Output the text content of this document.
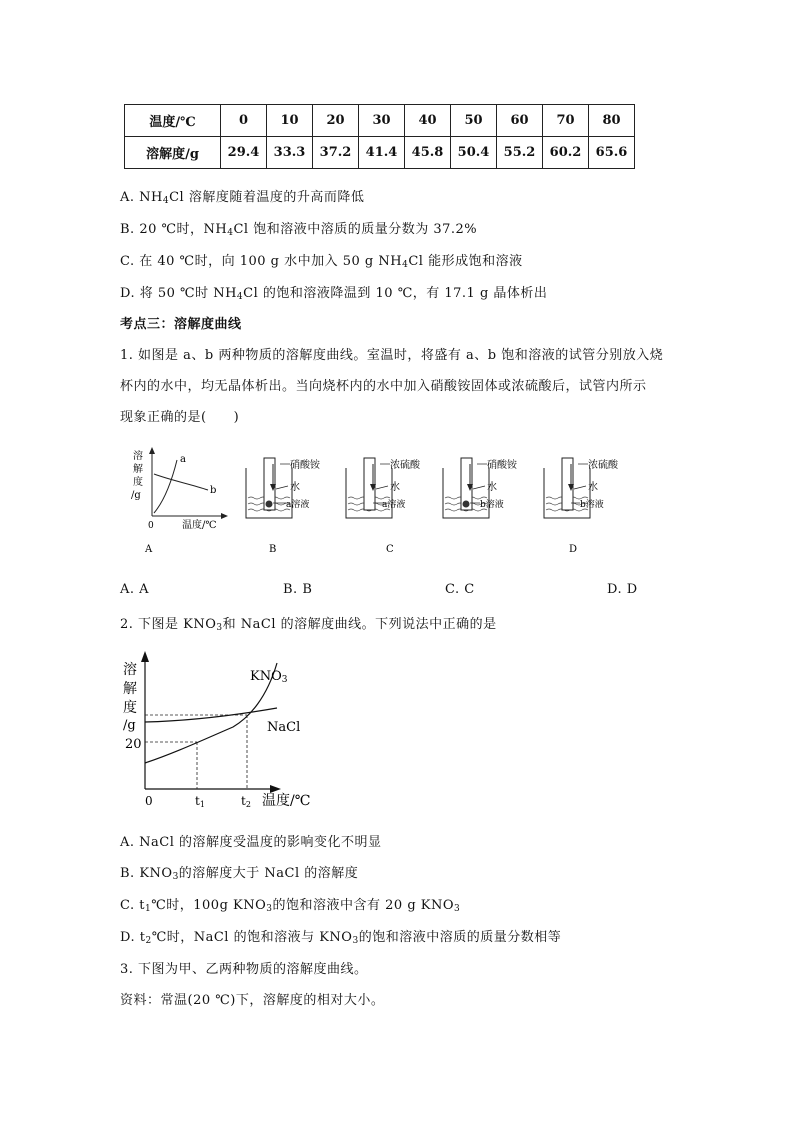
温度/℃	0	10	20	30	40	50	60	70	80
溶解度/g	29.4	33.3	37.2	41.4	45.8	50.4	55.2	60.2	65.6
A. $NH_4Cl$ 溶解度随着温度的升高而降低
B. 20 ℃时，$NH_4Cl$ 饱和溶液中溶质的质量分数为 37.2%
C. 在 40 ℃时，向 100 g 水中加入 50 g $NH_4Cl$ 能形成饱和溶液
D. 将 50 ℃时 $NH_4Cl$ 的饱和溶液降温到 10 ℃，有 17.1 g 晶体析出
考点三：溶解度曲线
1. 如图是 a、b 两种物质的溶解度曲线。室温时，将盛有 a、b 饱和溶液的试管分别放入烧
杯内的水中，均无晶体析出。当向烧杯内的水中加入硝酸铵固体或浓硫酸后，试管内所示
现象正确的是(　　)
溶
解
度
/g
a
b
0	温度/℃
硝酸铵
水
a溶液
浓硫酸
水
a溶液
硝酸铵
水
b溶液
浓硫酸
水
b溶液
A	B	C	D
A. A	B. B	C. C	D. D
2. 下图是 $KNO_3$和 NaCl 的溶解度曲线。下列说法中正确的是
溶
解
度
/g
20
KNO3
NaCl
0	t1	t2 温度/℃
A. NaCl 的溶解度受温度的影响变化不明显
B. $KNO_3$的溶解度大于 NaCl 的溶解度
C. $t_1℃$时，100g $KNO_3$的饱和溶液中含有 20 g $KNO_3$
D. $t_2℃$时，NaCl 的饱和溶液与 $KNO_3$的饱和溶液中溶质的质量分数相等
3. 下图为甲、乙两种物质的溶解度曲线。
资料：常温(20 ℃)下，溶解度的相对大小。
